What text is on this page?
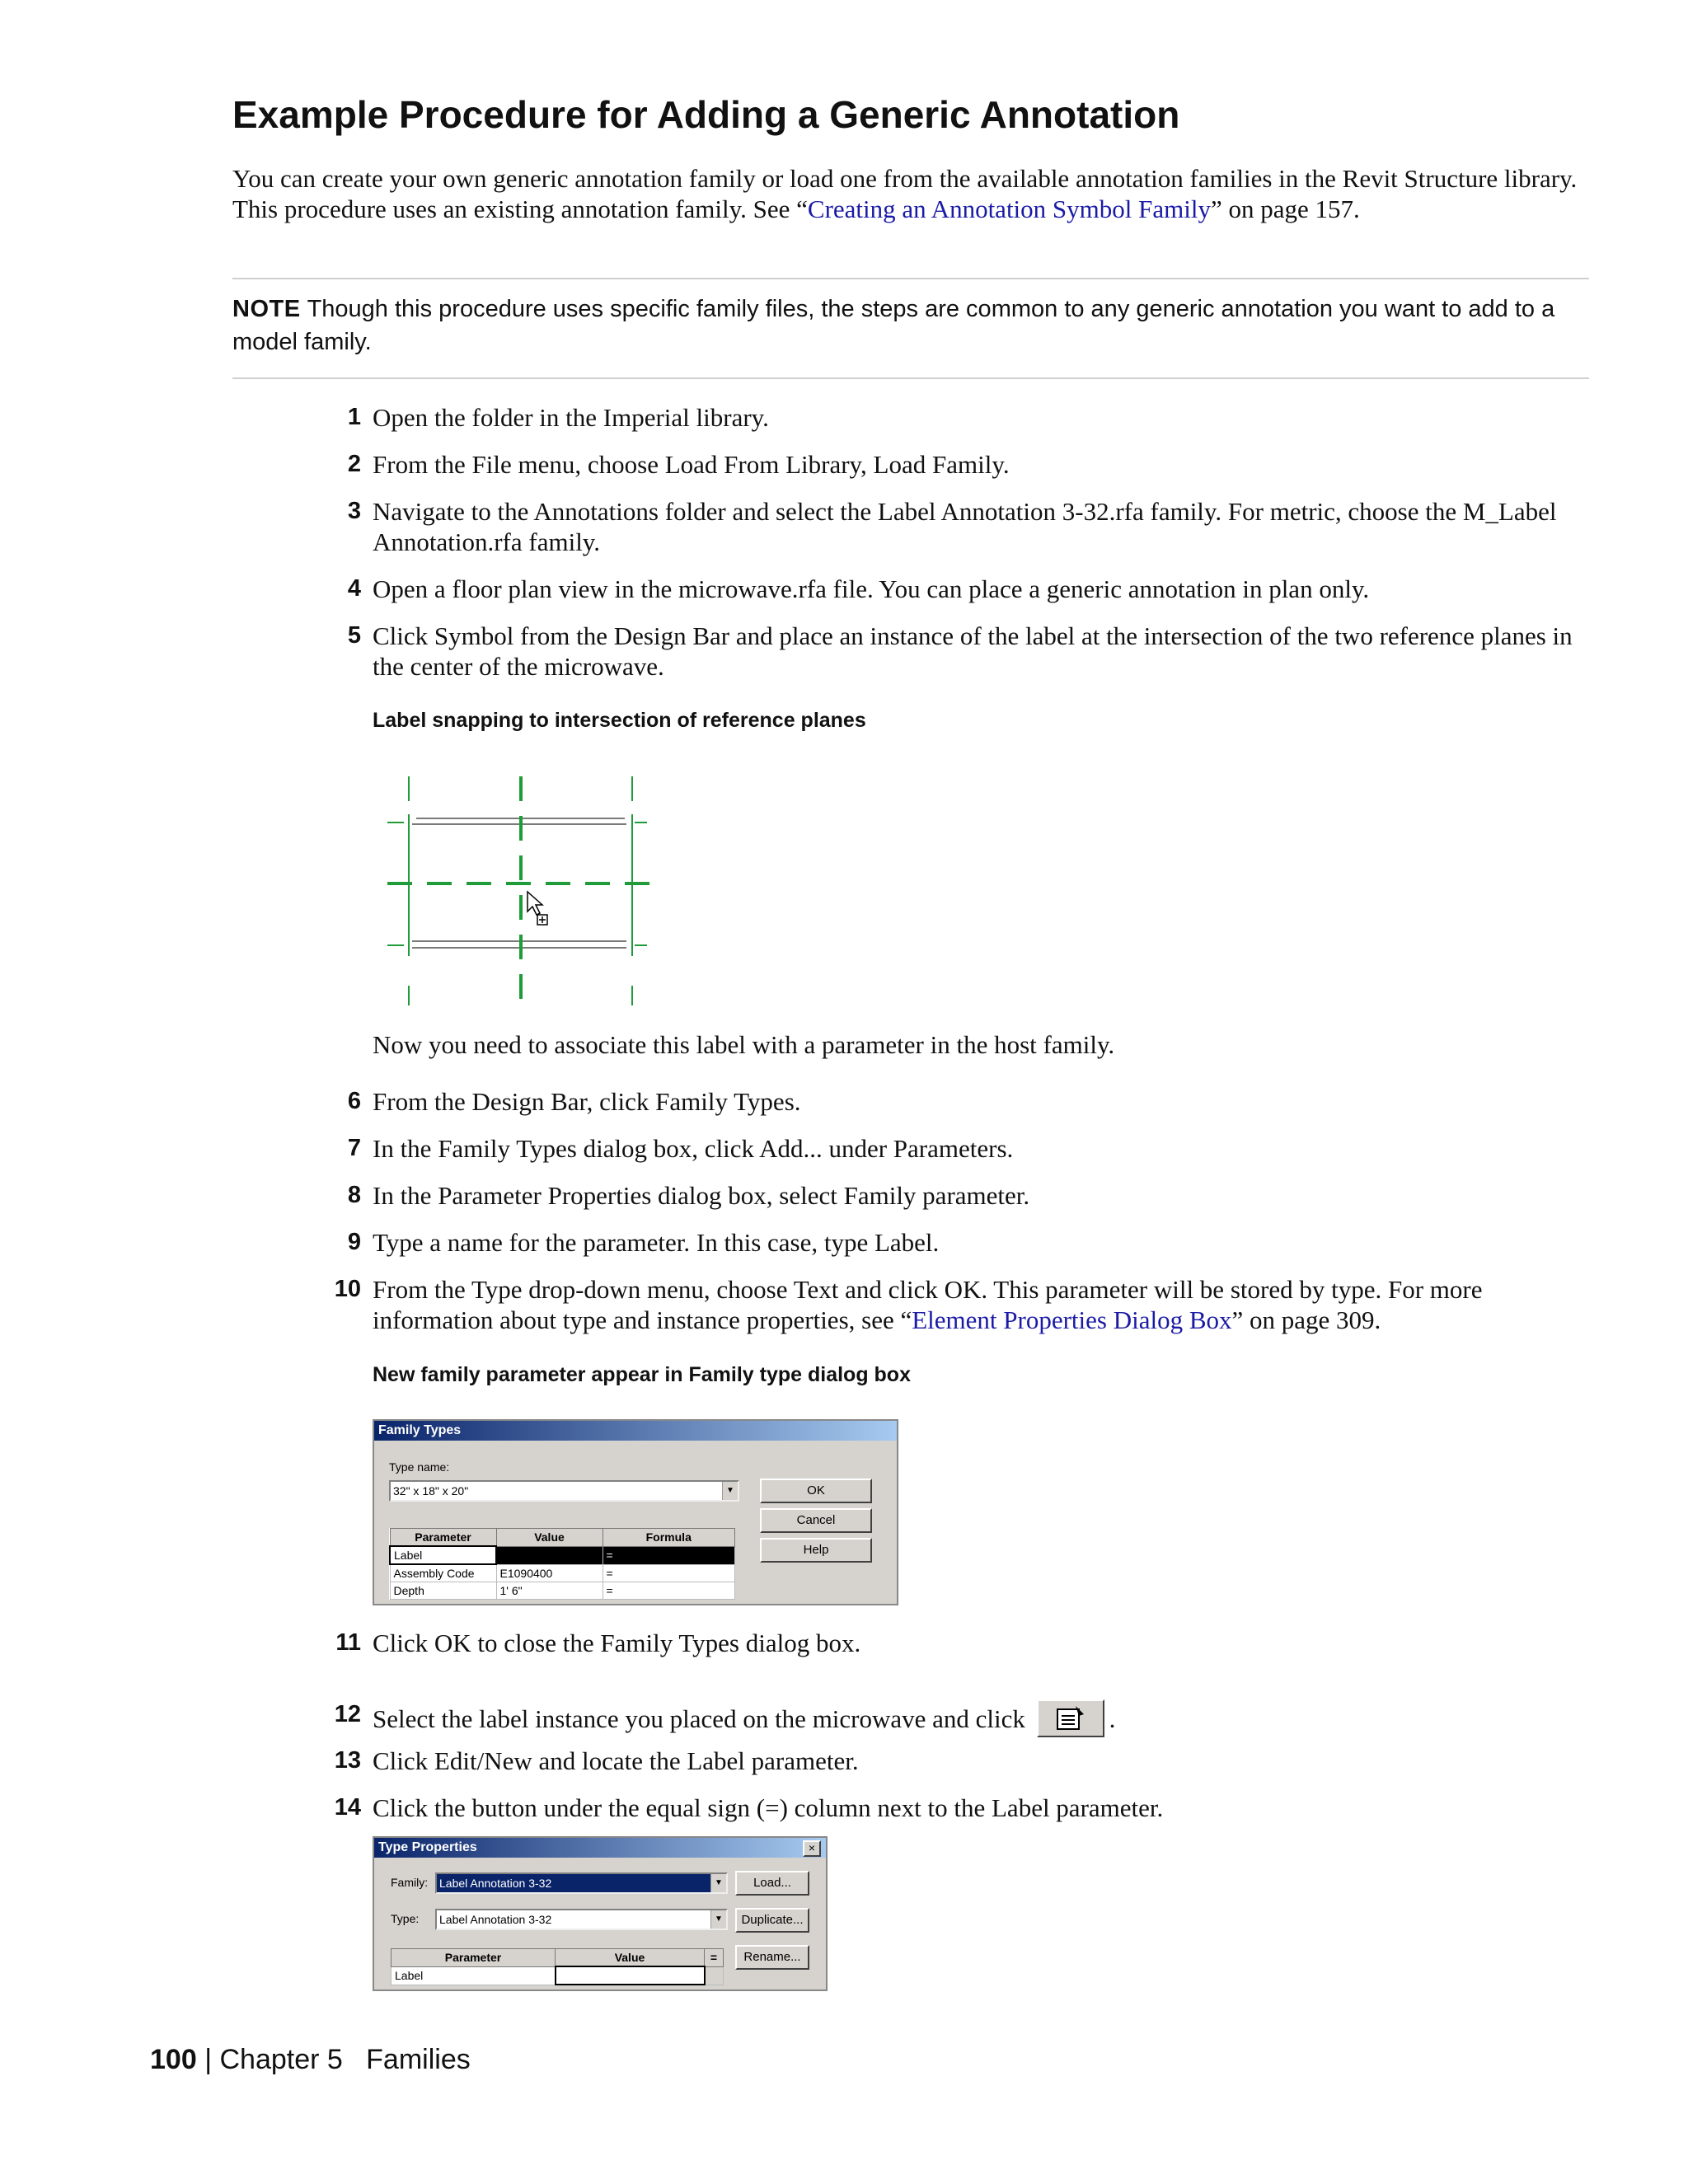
Example Procedure for Adding a Generic Annotation
You can create your own generic annotation family or load one from the available annotation families in the Revit Structure library. This procedure uses an existing annotation family. See “Creating an Annotation Symbol Family” on page 157.
NOTE Though this procedure uses specific family files, the steps are common to any generic annotation you want to add to a model family.
1 Open the folder in the Imperial library.
2 From the File menu, choose Load From Library, Load Family.
3 Navigate to the Annotations folder and select the Label Annotation 3-32.rfa family. For metric, choose the M_Label Annotation.rfa family.
4 Open a floor plan view in the microwave.rfa file. You can place a generic annotation in plan only.
5 Click Symbol from the Design Bar and place an instance of the label at the intersection of the two reference planes in the center of the microwave.
Label snapping to intersection of reference planes
Now you need to associate this label with a parameter in the host family.
6 From the Design Bar, click Family Types.
7 In the Family Types dialog box, click Add... under Parameters.
8 In the Parameter Properties dialog box, select Family parameter.
9 Type a name for the parameter. In this case, type Label.
10 From the Type drop-down menu, choose Text and click OK. This parameter will be stored by type. For more information about type and instance properties, see “Element Properties Dialog Box” on page 309.
New family parameter appear in Family type dialog box
Family Types
Type name:
32" x 18" x 20"	▼	OK
Cancel
Help
Parameter	Value	Formula
Label		=
Assembly Code	E1090400	=
Depth	1' 6"	=
11 Click OK to close the Family Types dialog box.
12 Select the label instance you placed on the microwave and click	.
13 Click Edit/New and locate the Label parameter.
14 Click the button under the equal sign (=) column next to the Label parameter.
Type Properties	×
Family: Label Annotation 3-32	▼
Type:	Label Annotation 3-32	▼
Load...
Duplicate...
Rename...
Parameter	Value	=
Label		
100 | Chapter 5 Families
